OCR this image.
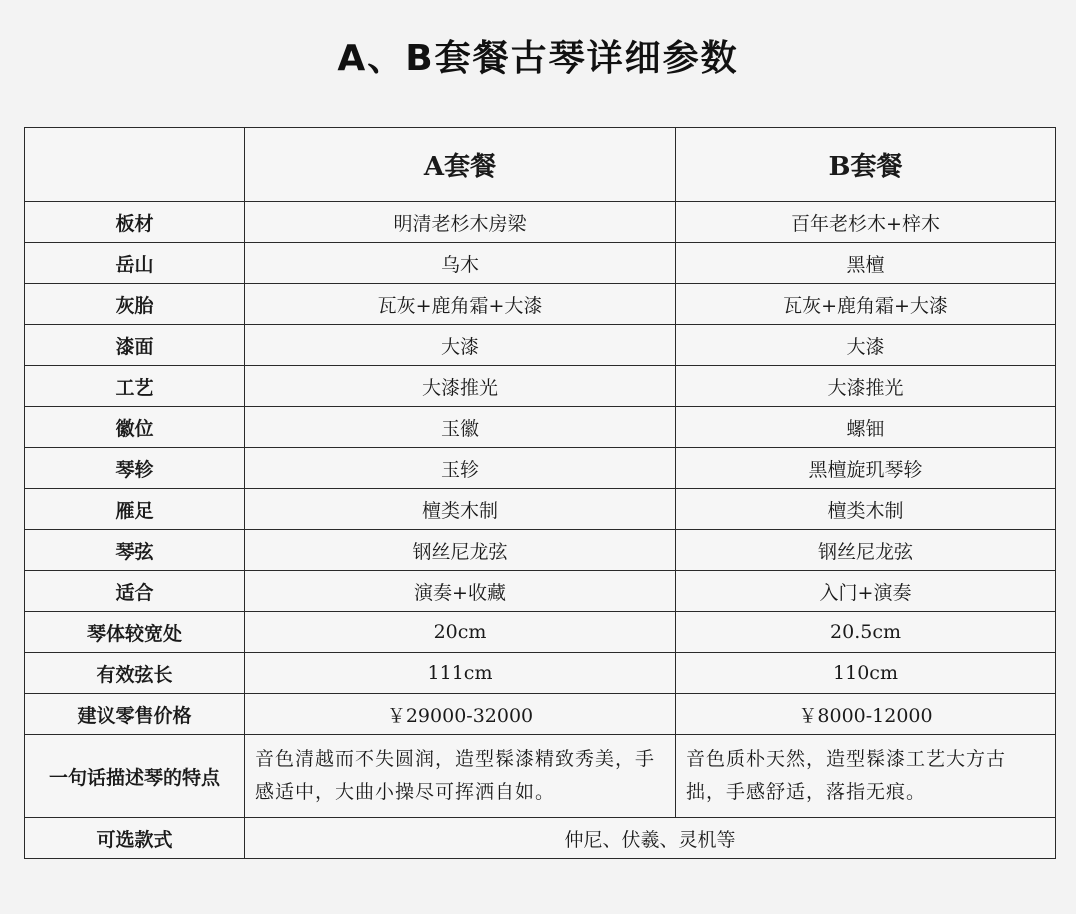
A、B套餐古琴详细参数
	A套餐	B套餐
板材	明清老杉木房梁	百年老杉木+梓木
岳山	乌木	黑檀
灰胎	瓦灰+鹿角霜+大漆	瓦灰+鹿角霜+大漆
漆面	大漆	大漆
工艺	大漆推光	大漆推光
徽位	玉徽	螺钿
琴轸	玉轸	黑檀旋玑琴轸
雁足	檀类木制	檀类木制
琴弦	钢丝尼龙弦	钢丝尼龙弦
适合	演奏+收藏	入门+演奏
琴体较宽处	20cm	20.5cm
有效弦长	111cm	110cm
建议零售价格	￥29000-32000	￥8000-12000
一句话描述琴的特点	音色清越而不失圆润，造型髹漆精致秀美，手感适中，大曲小操尽可挥洒自如。	音色质朴天然，造型髹漆工艺大方古拙，手感舒适，落指无痕。
可选款式	仲尼、伏羲、灵机等	
